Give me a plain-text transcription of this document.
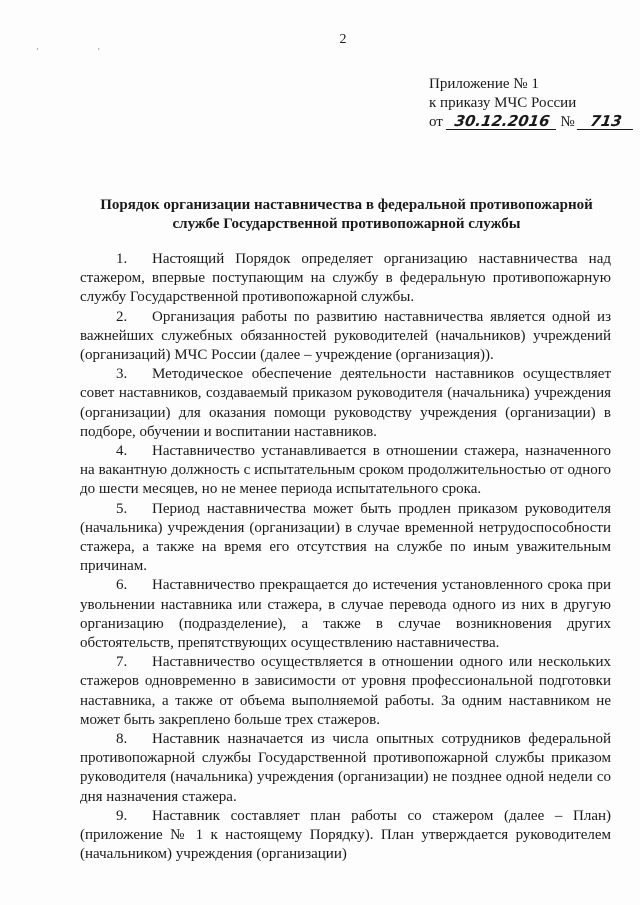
2
· ·
Приложение № 1
к приказу МЧС России
от 30.12.2016 № 713
Порядок организации наставничества в федеральной противопожарной службе Государственной противопожарной службы

1. Настоящий Порядок определяет организацию наставничества над стажером, впервые поступающим на службу в федеральную противопожарную службу Государственной противопожарной службы.

2. Организация работы по развитию наставничества является одной из важнейших служебных обязанностей руководителей (начальников) учреждений (организаций) МЧС России (далее – учреждение (организация)).

3. Методическое обеспечение деятельности наставников осуществляет совет наставников, создаваемый приказом руководителя (начальника) учреждения (организации) для оказания помощи руководству учреждения (организации) в подборе, обучении и воспитании наставников.

4. Наставничество устанавливается в отношении стажера, назначенного на вакантную должность с испытательным сроком продолжительностью от одного до шести месяцев, но не менее периода испытательного срока.

5. Период наставничества может быть продлен приказом руководителя (начальника) учреждения (организации) в случае временной нетрудоспособности стажера, а также на время его отсутствия на службе по иным уважительным причинам.

6. Наставничество прекращается до истечения установленного срока при увольнении наставника или стажера, в случае перевода одного из них в другую организацию (подразделение), а также в случае возникновения других обстоятельств, препятствующих осуществлению наставничества.

7. Наставничество осуществляется в отношении одного или нескольких стажеров одновременно в зависимости от уровня профессиональной подготовки наставника, а также от объема выполняемой работы. За одним наставником не может быть закреплено больше трех стажеров.

8. Наставник назначается из числа опытных сотрудников федеральной противопожарной службы Государственной противопожарной службы приказом руководителя (начальника) учреждения (организации) не позднее одной недели со дня назначения стажера.

9. Наставник составляет план работы со стажером (далее – План) (приложение № 1 к настоящему Порядку). План утверждается руководителем (начальником) учреждения (организации)
